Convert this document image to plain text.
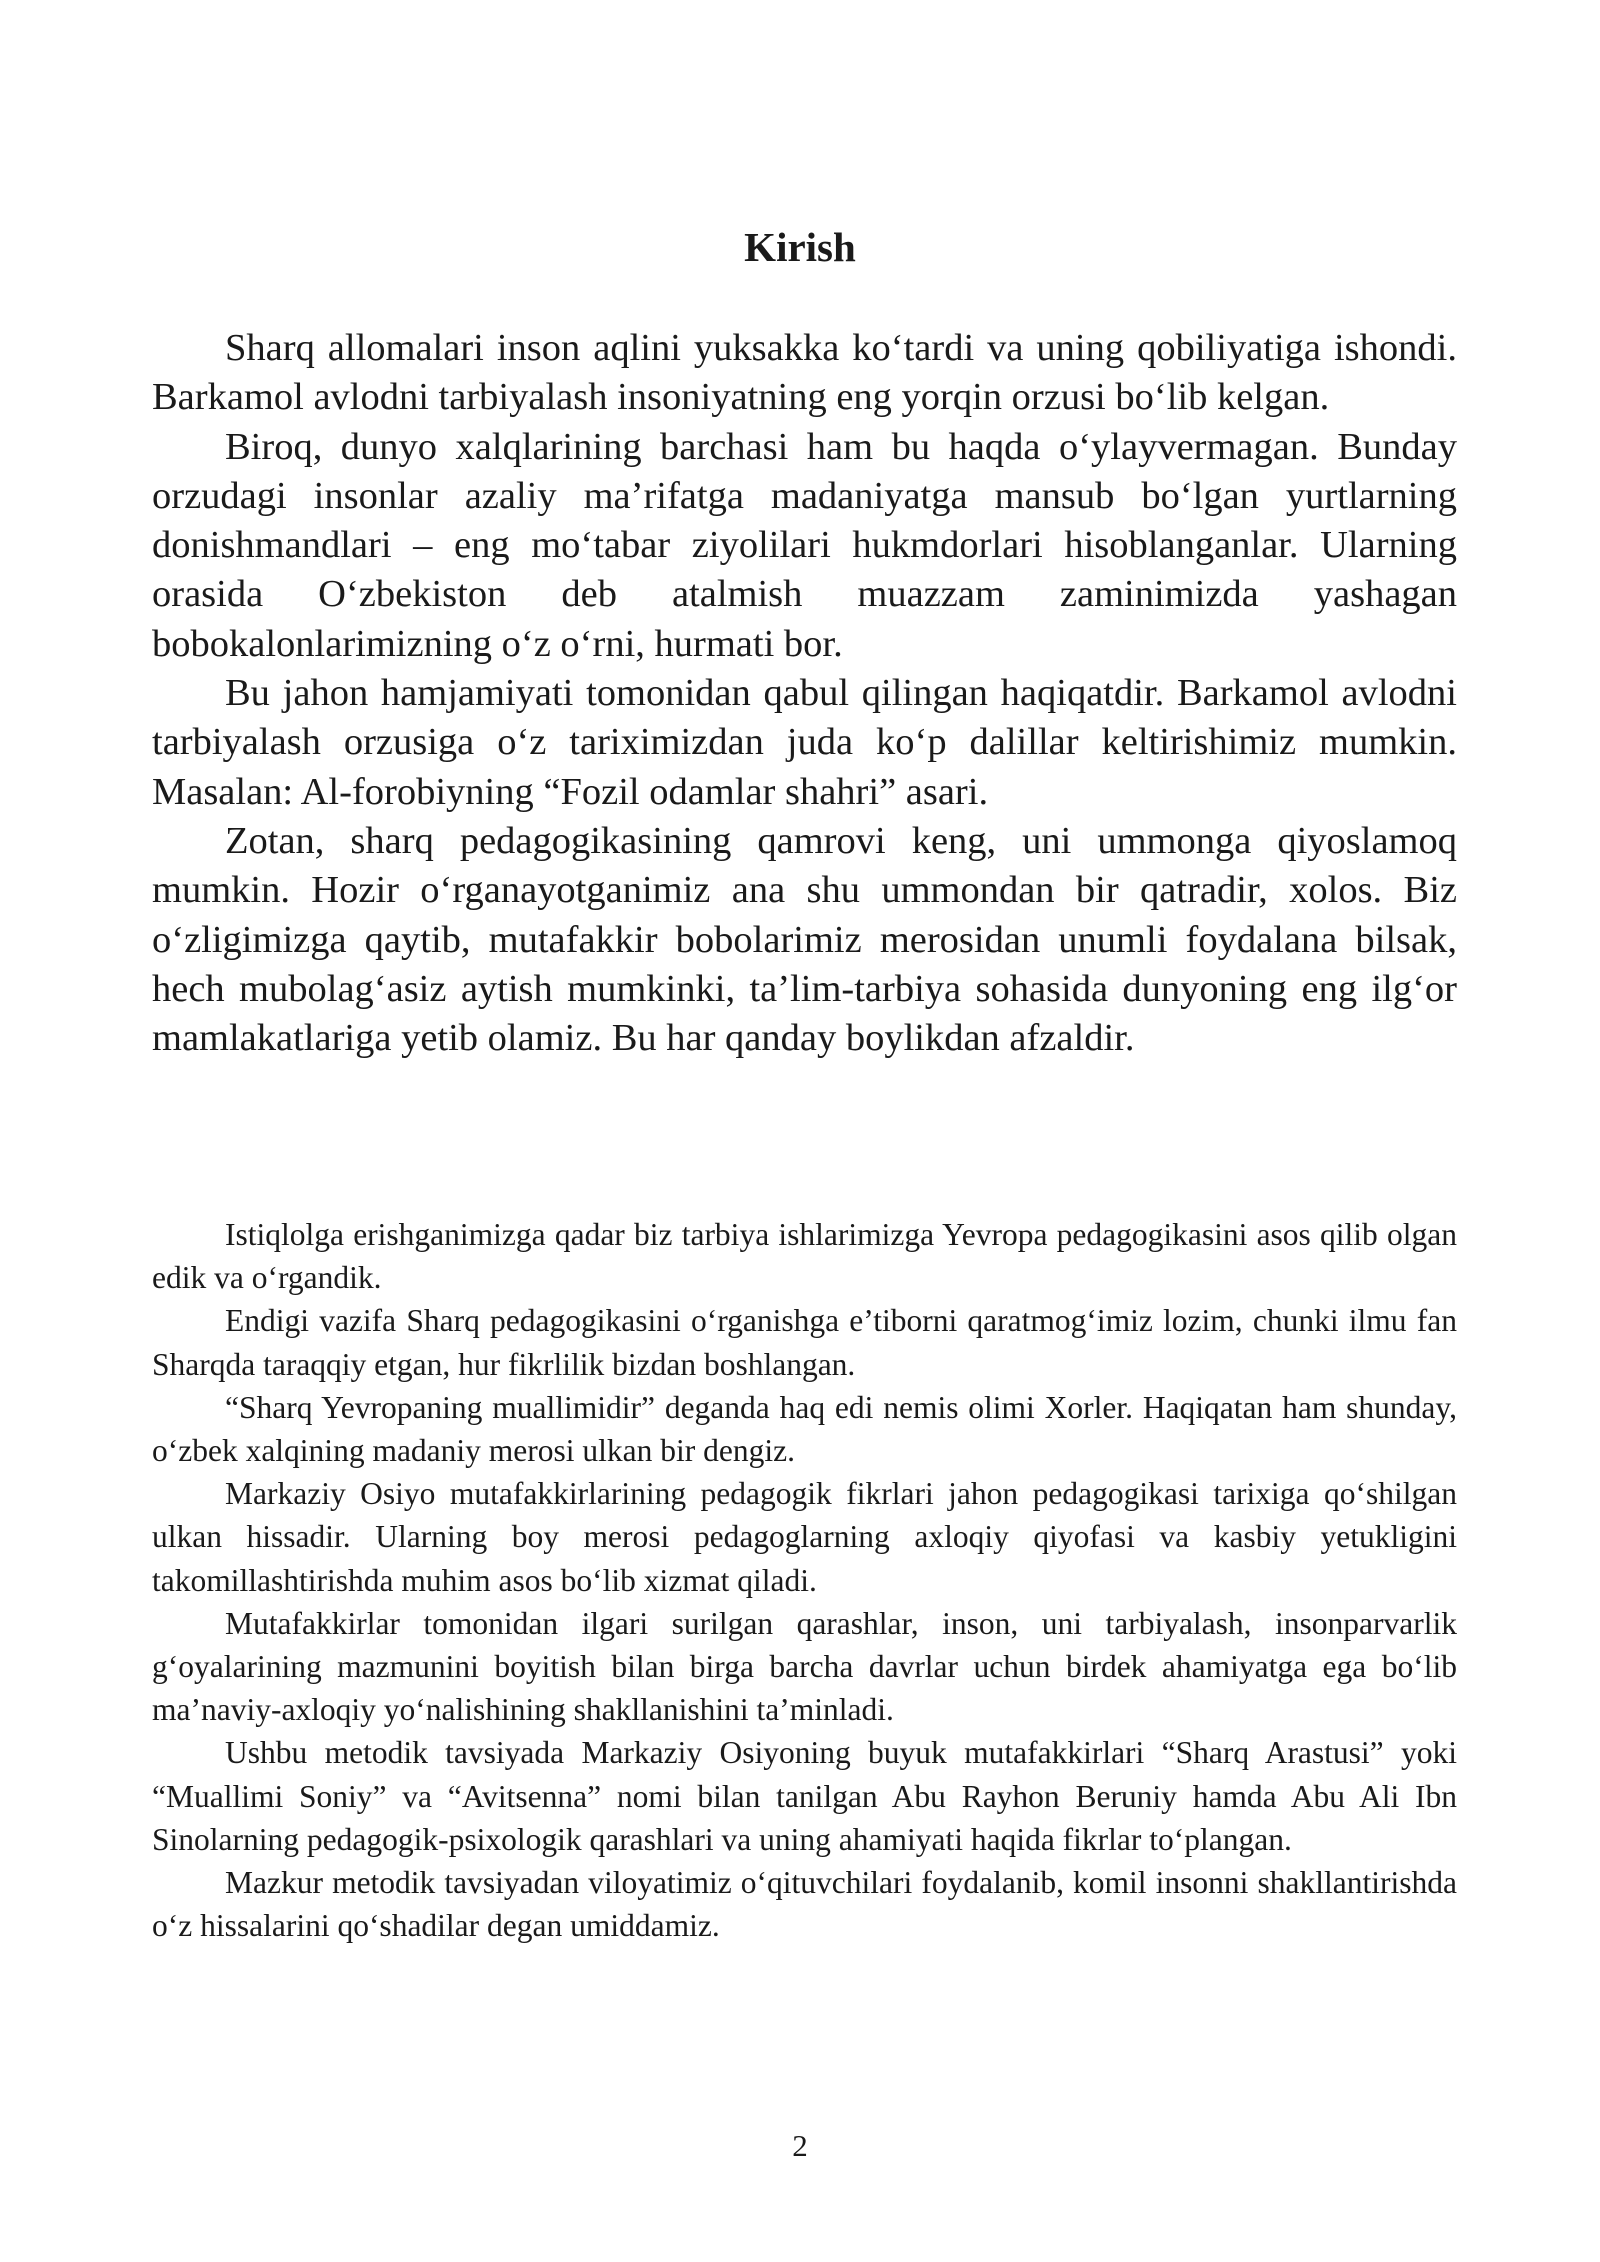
Kirish

Sharq allomalari inson aqlini yuksakka ko‘tardi va uning qobiliyatiga ishondi. Barkamol avlodni tarbiyalash insoniyatning eng yorqin orzusi bo‘lib kelgan.

Biroq, dunyo xalqlarining barchasi ham bu haqda o‘ylayvermagan. Bunday orzudagi insonlar azaliy ma’rifatga madaniyatga mansub bo‘lgan yurtlarning donishmandlari – eng mo‘tabar ziyolilari hukmdorlari hisoblanganlar. Ularning orasida O‘zbekiston deb atalmish muazzam zaminimizda yashagan bobokalonlarimizning o‘z o‘rni, hurmati bor.

Bu jahon hamjamiyati tomonidan qabul qilingan haqiqatdir. Barkamol avlodni tarbiyalash orzusiga o‘z tariximizdan juda ko‘p dalillar keltirishimiz mumkin. Masalan: Al-forobiyning “Fozil odamlar shahri” asari.

Zotan, sharq pedagogikasining qamrovi keng, uni ummonga qiyoslamoq mumkin. Hozir o‘rganayotganimiz ana shu ummondan bir qatradir, xolos. Biz o‘zligimizga qaytib, mutafakkir bobolarimiz merosidan unumli foydalana bilsak, hech mubolag‘asiz aytish mumkinki, ta’lim-tarbiya sohasida dunyoning eng ilg‘or mamlakatlariga yetib olamiz. Bu har qanday boylikdan afzaldir.

Istiqlolga erishganimizga qadar biz tarbiya ishlarimizga Yevropa pedagogikasini asos qilib olgan edik va o‘rgandik.

Endigi vazifa Sharq pedagogikasini o‘rganishga e’tiborni qaratmog‘imiz lozim, chunki ilmu fan Sharqda taraqqiy etgan, hur fikrlilik bizdan boshlangan.

“Sharq Yevropaning muallimidir” deganda haq edi nemis olimi Xorler. Haqiqatan ham shunday, o‘zbek xalqining madaniy merosi ulkan bir dengiz.

Markaziy Osiyo mutafakkirlarining pedagogik fikrlari jahon pedagogikasi tarixiga qo‘shilgan ulkan hissadir. Ularning boy merosi pedagoglarning axloqiy qiyofasi va kasbiy yetukligini takomillashtirishda muhim asos bo‘lib xizmat qiladi.

Mutafakkirlar tomonidan ilgari surilgan qarashlar, inson, uni tarbiyalash, insonparvarlik g‘oyalarining mazmunini boyitish bilan birga barcha davrlar uchun birdek ahamiyatga ega bo‘lib ma’naviy-axloqiy yo‘nalishining shakllanishini ta’minladi.

Ushbu metodik tavsiyada Markaziy Osiyoning buyuk mutafakkirlari “Sharq Arastusi” yoki “Muallimi Soniy” va “Avitsenna” nomi bilan tanilgan Abu Rayhon Beruniy hamda Abu Ali Ibn Sinolarning pedagogik-psixologik qarashlari va uning ahamiyati haqida fikrlar to‘plangan.

Mazkur metodik tavsiyadan viloyatimiz o‘qituvchilari foydalanib, komil insonni shakllantirishda o‘z hissalarini qo‘shadilar degan umiddamiz.

2
